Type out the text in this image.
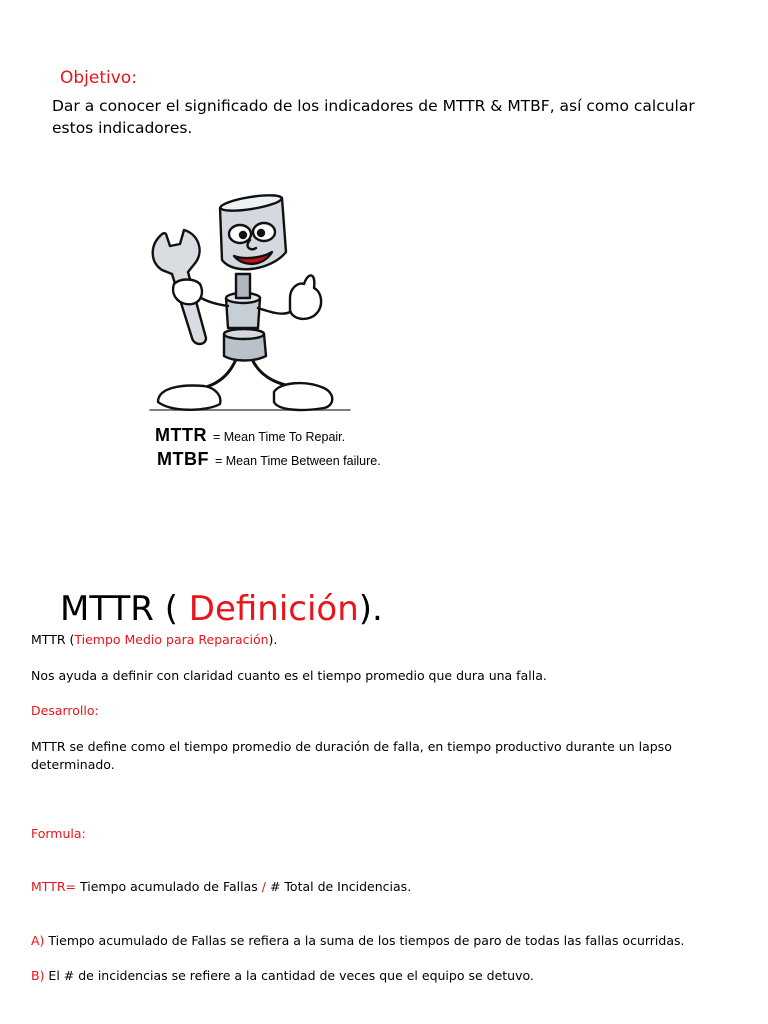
Objetivo:
Dar a conocer el significado de los indicadores de MTTR & MTBF, así como calcular estos indicadores.
MTTR = Mean Time To Repair.
MTBF = Mean Time Between failure.
MTTR ( Definición).
MTTR (Tiempo Medio para Reparación).
Nos ayuda a definir con claridad cuanto es el tiempo promedio que dura una falla.
Desarrollo:
MTTR se define como el tiempo promedio de duración de falla, en tiempo productivo durante un lapso determinado.
Formula:
MTTR= Tiempo acumulado de Fallas / # Total de Incidencias.
A) Tiempo acumulado de Fallas se refiera a la suma de los tiempos de paro de todas las fallas ocurridas.
B) El # de incidencias se refiere a la cantidad de veces que el equipo se detuvo.
